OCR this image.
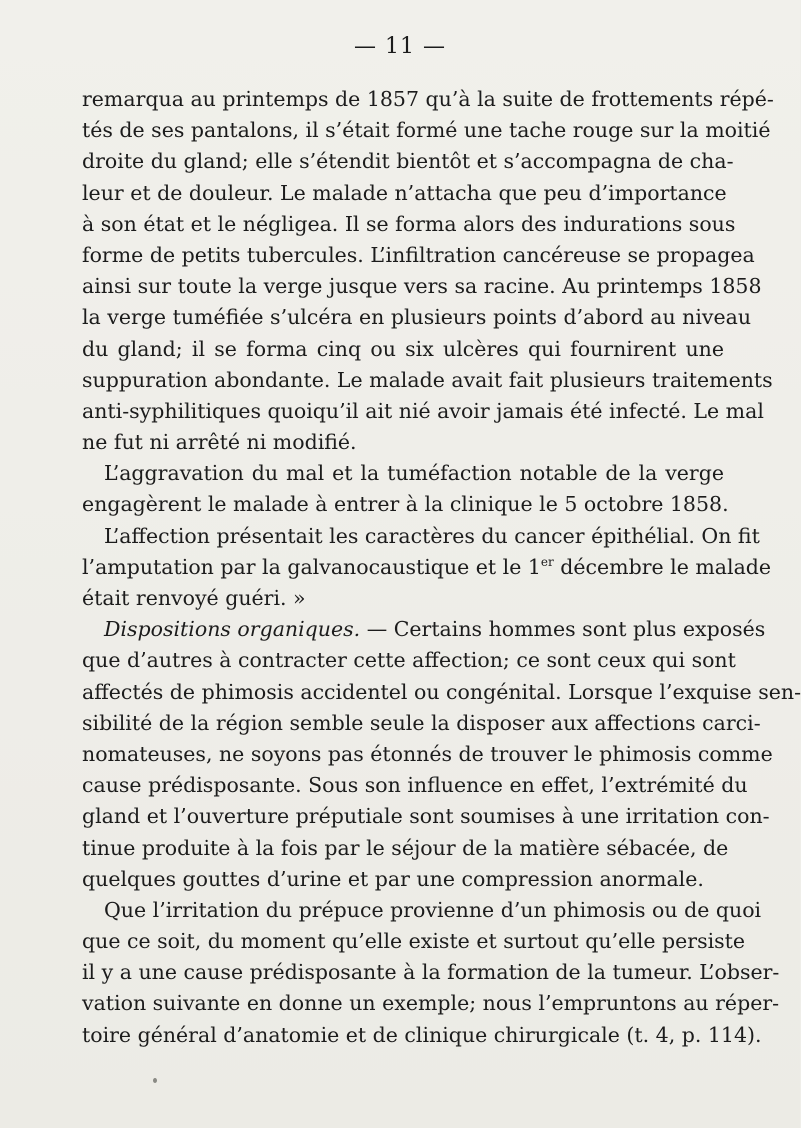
— 11 —
remarqua au printemps de 1857 qu’à la suite de frottements répé-
tés de ses pantalons, il s’était formé une tache rouge sur la moitié
droite du gland; elle s’étendit bientôt et s’accompagna de cha-
leur et de douleur. Le malade n’attacha que peu d’importance
à son état et le négligea. Il se forma alors des indurations sous
forme de petits tubercules. L’infiltration cancéreuse se propagea
ainsi sur toute la verge jusque vers sa racine. Au printemps 1858
la verge tuméfiée s’ulcéra en plusieurs points d’abord au niveau
du gland; il se forma cinq ou six ulcères qui fournirent une
suppuration abondante. Le malade avait fait plusieurs traitements
anti-syphilitiques quoiqu’il ait nié avoir jamais été infecté. Le mal
ne fut ni arrêté ni modifié.
L’aggravation du mal et la tuméfaction notable de la verge
engagèrent le malade à entrer à la clinique le 5 octobre 1858.
L’affection présentait les caractères du cancer épithélial. On fit
l’amputation par la galvanocaustique et le 1er décembre le malade
était renvoyé guéri. »
Dispositions organiques. — Certains hommes sont plus exposés
que d’autres à contracter cette affection; ce sont ceux qui sont
affectés de phimosis accidentel ou congénital. Lorsque l’exquise sen-
sibilité de la région semble seule la disposer aux affections carci-
nomateuses, ne soyons pas étonnés de trouver le phimosis comme
cause prédisposante. Sous son influence en effet, l’extrémité du
gland et l’ouverture préputiale sont soumises à une irritation con-
tinue produite à la fois par le séjour de la matière sébacée, de
quelques gouttes d’urine et par une compression anormale.
Que l’irritation du prépuce provienne d’un phimosis ou de quoi
que ce soit, du moment qu’elle existe et surtout qu’elle persiste
il y a une cause prédisposante à la formation de la tumeur. L’obser-
vation suivante en donne un exemple; nous l’empruntons au réper-
toire général d’anatomie et de clinique chirurgicale (t. 4, p. 114).
